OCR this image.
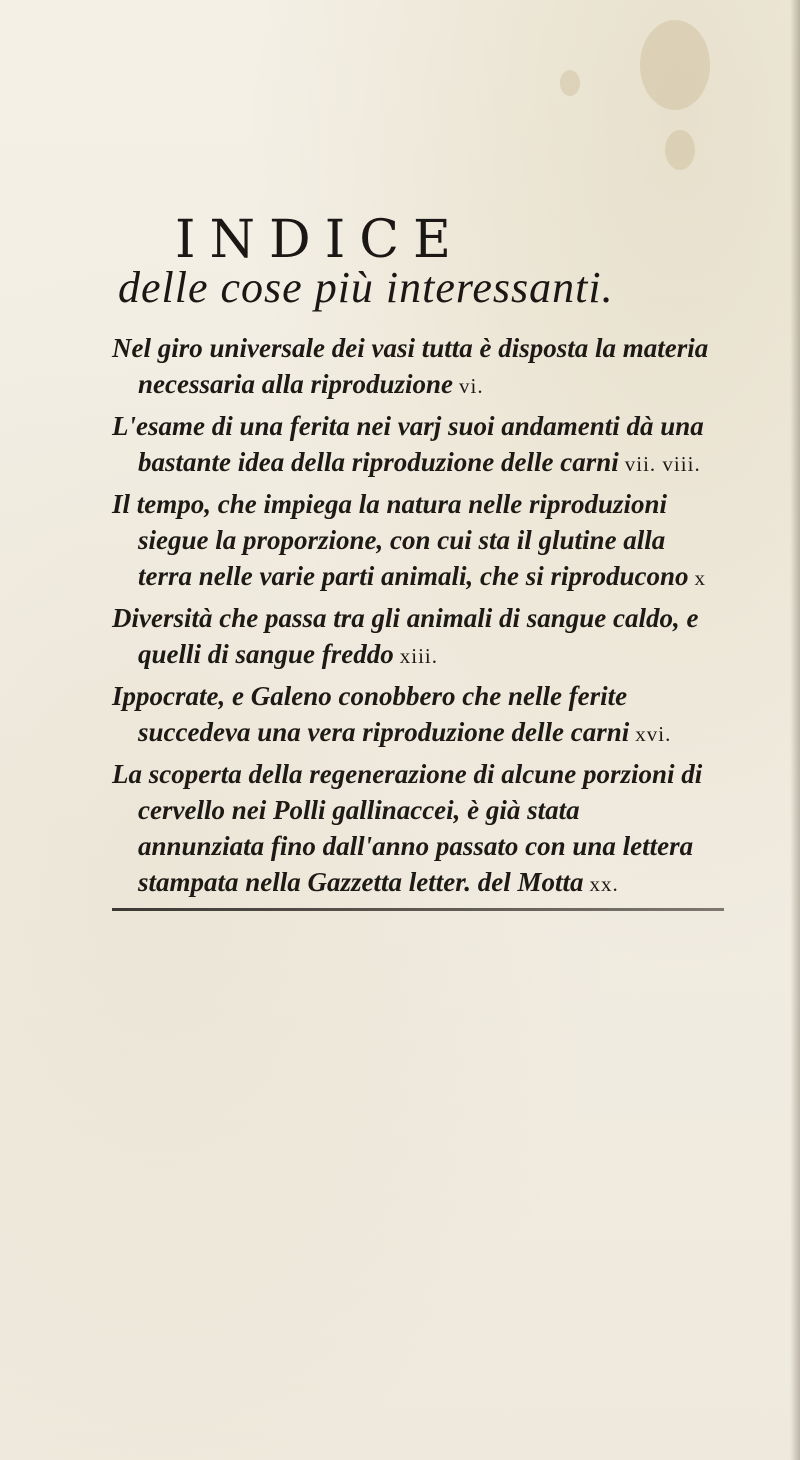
INDICE
delle cose più interessanti.

Nel giro universale dei vasi tutta è disposta la materia necessaria alla riproduzione vi.

L'esame di una ferita nei varj suoi andamenti dà una bastante idea della riproduzione delle carni vii. viii.

Il tempo, che impiega la natura nelle riproduzioni siegue la proporzione, con cui sta il glutine alla terra nelle varie parti animali, che si riproducono x

Diversità che passa tra gli animali di sangue caldo, e quelli di sangue freddo xiii.

Ippocrate, e Galeno conobbero che nelle ferite succedeva una vera riproduzione delle carni xvi.

La scoperta della regenerazione di alcune porzioni di cervello nei Polli gallinaccei, è già stata annunziata fino dall'anno passato con una lettera stampata nella Gazzetta letter. del Motta xx.
